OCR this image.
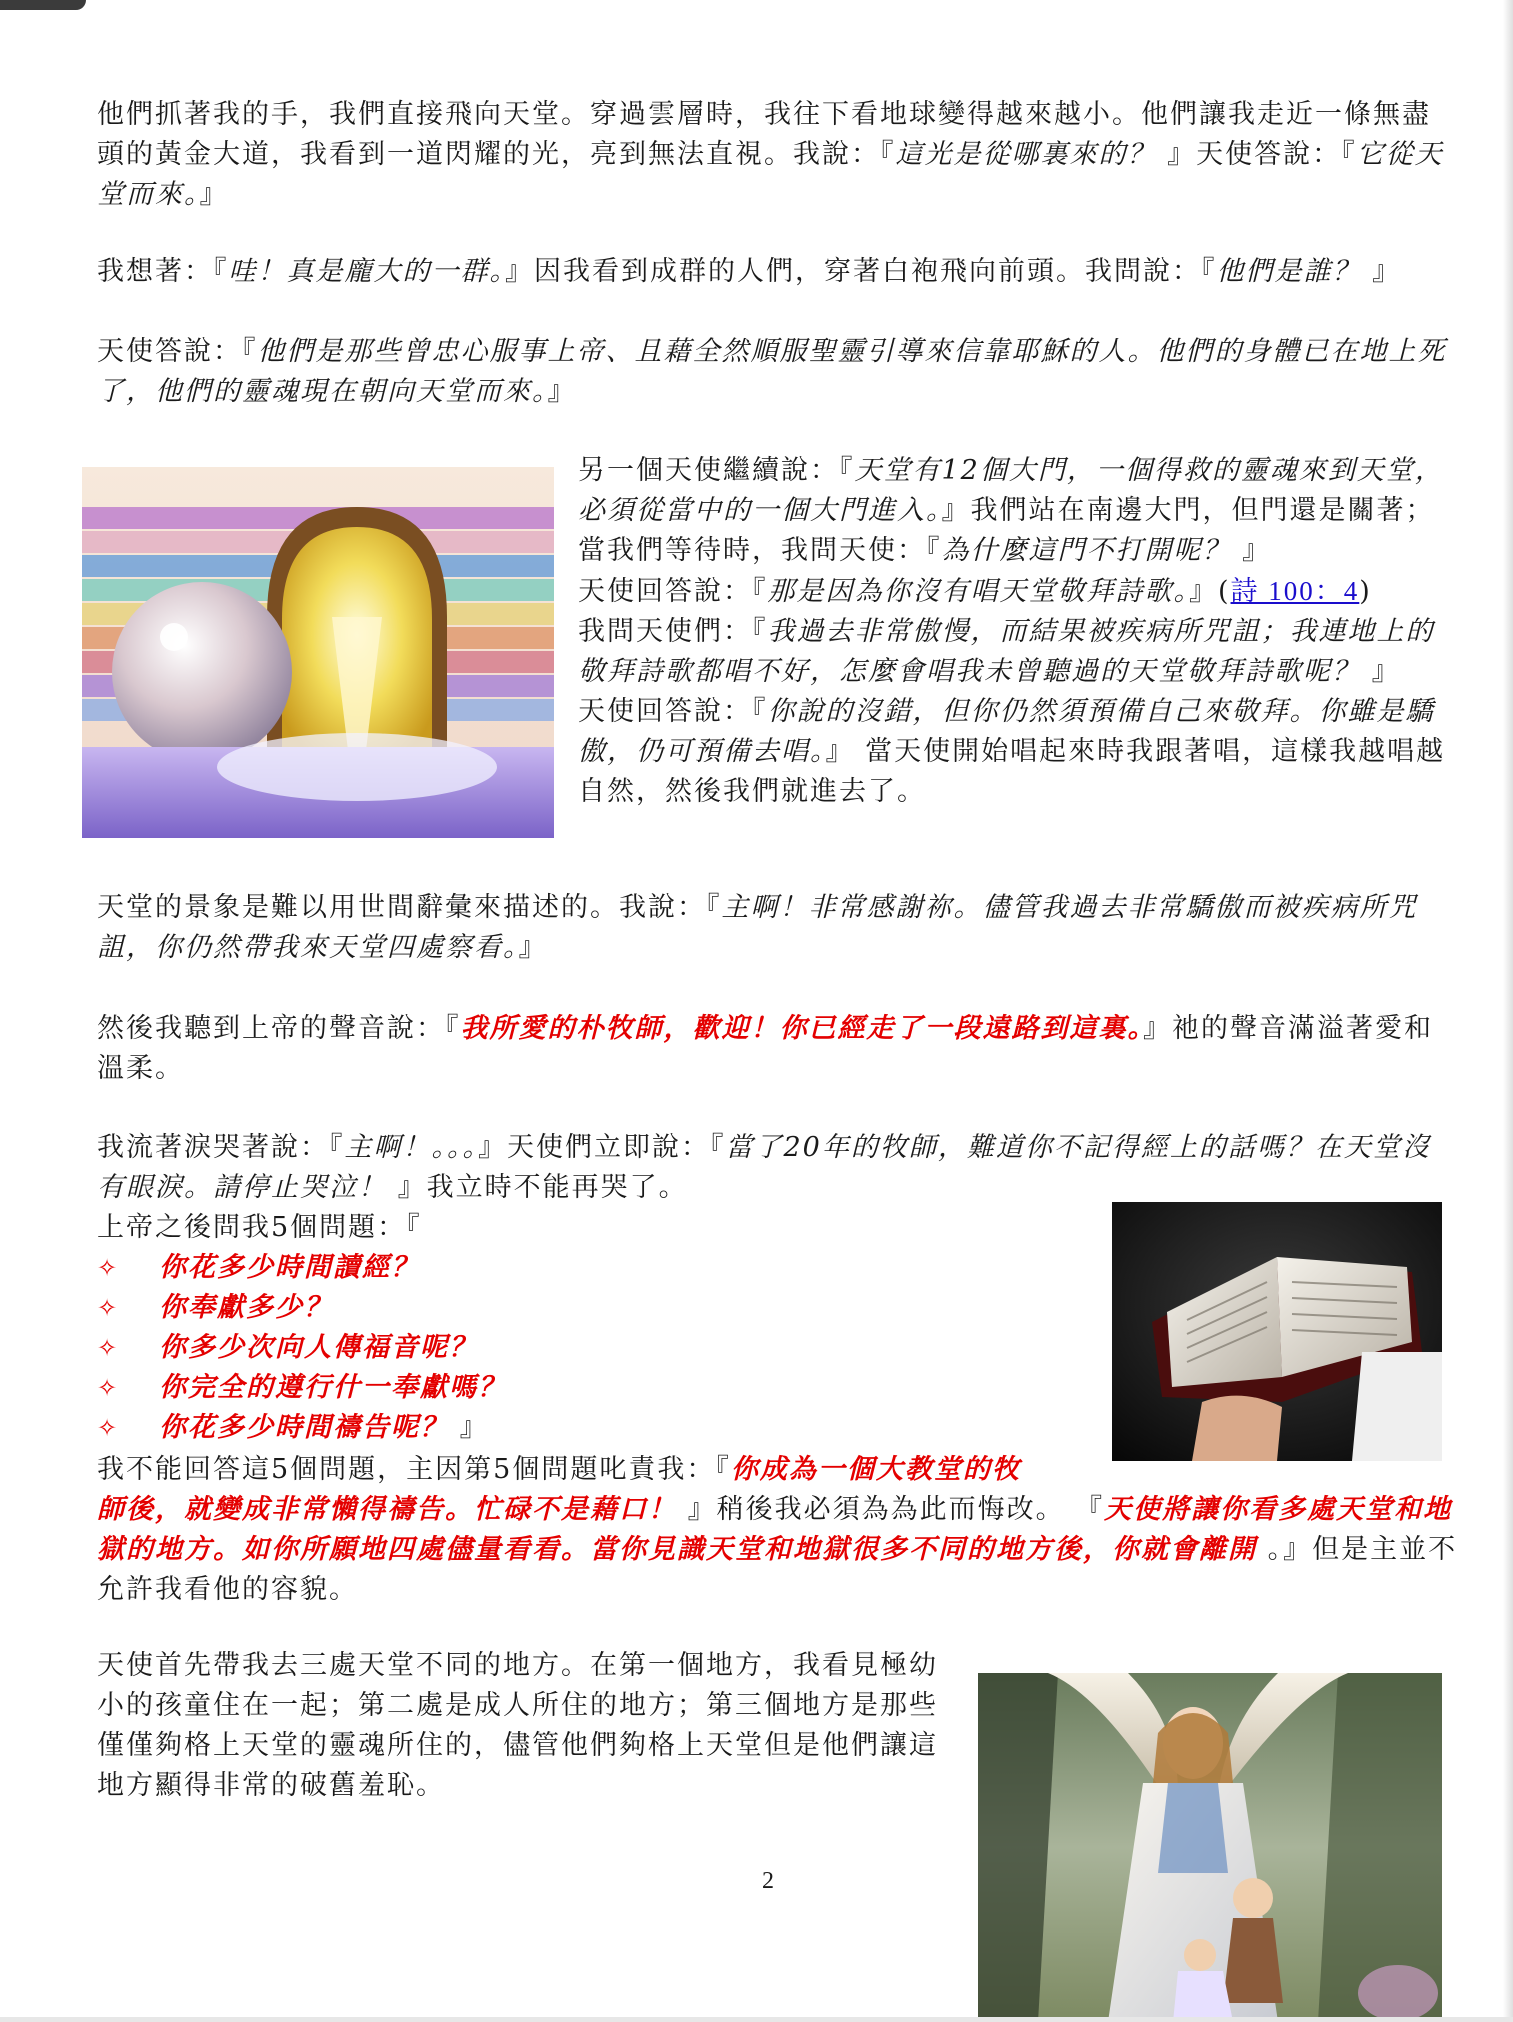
他們抓著我的手，我們直接飛向天堂。穿過雲層時，我往下看地球變得越來越小。他們讓我走近一條無盡頭的黃金大道，我看到一道閃耀的光，亮到無法直視。我說：『這光是從哪裏來的？ 』天使答說：『它從天堂而來。』

我想著：『哇！真是龐大的一群。』因我看到成群的人們，穿著白袍飛向前頭。我問說：『他們是誰？ 』

天使答說：『他們是那些曾忠心服事上帝、且藉全然順服聖靈引導來信靠耶穌的人。他們的身體已在地上死了，他們的靈魂現在朝向天堂而來。』

另一個天使繼續說：『天堂有12個大門，一個得救的靈魂來到天堂，必須從當中的一個大門進入。』我們站在南邊大門，但門還是關著；當我們等待時，我問天使：『為什麼這門不打開呢？ 』
天使回答說：『那是因為你沒有唱天堂敬拜詩歌。』(詩 100：4)
我問天使們：『我過去非常傲慢，而結果被疾病所咒詛；我連地上的敬拜詩歌都唱不好，怎麼會唱我未曾聽過的天堂敬拜詩歌呢？ 』
天使回答說：『你說的沒錯，但你仍然須預備自己來敬拜。你雖是驕傲，仍可預備去唱。』 當天使開始唱起來時我跟著唱，這樣我越唱越自然，然後我們就進去了。

天堂的景象是難以用世間辭彙來描述的。我說：『主啊！非常感謝祢。儘管我過去非常驕傲而被疾病所咒詛，你仍然帶我來天堂四處察看。』

然後我聽到上帝的聲音說：『我所愛的朴牧師，歡迎！你已經走了一段遠路到這裏。』祂的聲音滿溢著愛和溫柔。

我流著淚哭著說：『主啊！。。。』天使們立即說：『當了20年的牧師，難道你不記得經上的話嗎？在天堂沒有眼淚。請停止哭泣！ 』我立時不能再哭了。

上帝之後問我5個問題：『

✧ 你花多少時間讀經？
✧ 你奉獻多少？
✧ 你多少次向人傳福音呢？
✧ 你完全的遵行什一奉獻嗎？
✧ 你花多少時間禱告呢？ 』

我不能回答這5個問題，主因第5個問題叱責我：『你成為一個大教堂的牧
師後，就變成非常懶得禱告。忙碌不是藉口！ 』稍後我必須為為此而悔改。 『天使將讓你看多處天堂和地獄的地方。如你所願地四處儘量看看。當你見識天堂和地獄很多不同的地方後，你就會離開 。』但是主並不允許我看他的容貌。

天使首先帶我去三處天堂不同的地方。在第一個地方，我看見極幼小的孩童住在一起；第二處是成人所住的地方；第三個地方是那些僅僅夠格上天堂的靈魂所住的，儘管他們夠格上天堂但是他們讓這地方顯得非常的破舊羞恥。

2
